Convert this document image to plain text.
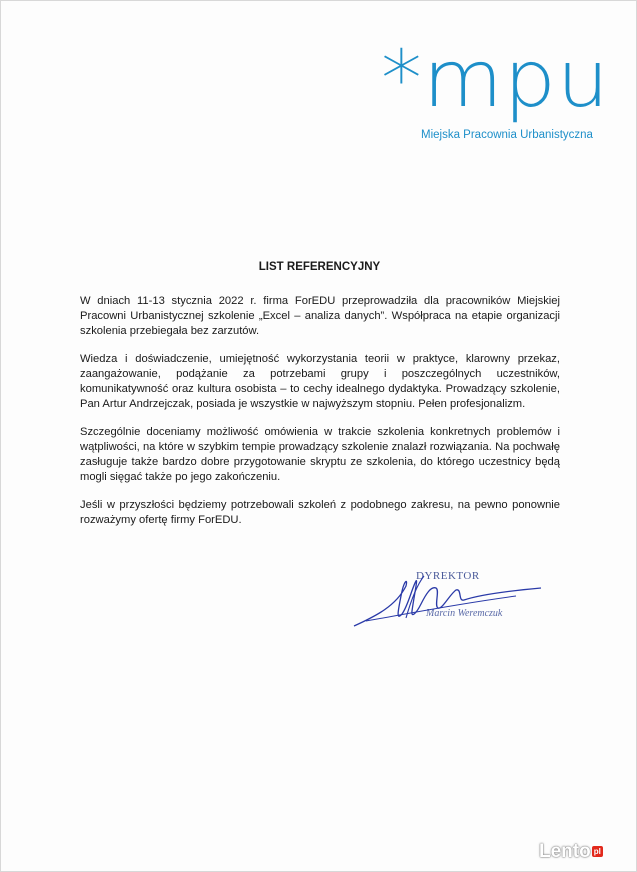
*mpu
Miejska Pracownia Urbanistyczna
LIST REFERENCYJNY

W dniach 11-13 stycznia 2022 r. firma ForEDU przeprowadziła dla pracowników Miejskiej Pracowni Urbanistycznej szkolenie „Excel – analiza danych”. Współpraca na etapie organizacji szkolenia przebiegała bez zarzutów.

Wiedza i doświadczenie, umiejętność wykorzystania teorii w praktyce, klarowny przekaz, zaangażowanie, podążanie za potrzebami grupy i poszczególnych uczestników, komunikatywność oraz kultura osobista – to cechy idealnego dydaktyka. Prowadzący szkolenie, Pan Artur Andrzejczak, posiada je wszystkie w najwyższym stopniu. Pełen profesjonalizm.

Szczególnie doceniamy możliwość omówienia w trakcie szkolenia konkretnych problemów i wątpliwości, na które w szybkim tempie prowadzący szkolenie znalazł rozwiązania. Na pochwałę zasługuje także bardzo dobre przygotowanie skryptu ze szkolenia, do którego uczestnicy będą mogli sięgać także po jego zakończeniu.

Jeśli w przyszłości będziemy potrzebowali szkoleń z podobnego zakresu, na pewno ponownie rozważymy ofertę firmy ForEDU.

DYREKTOR
Marcin Weremczuk
Lento pl
